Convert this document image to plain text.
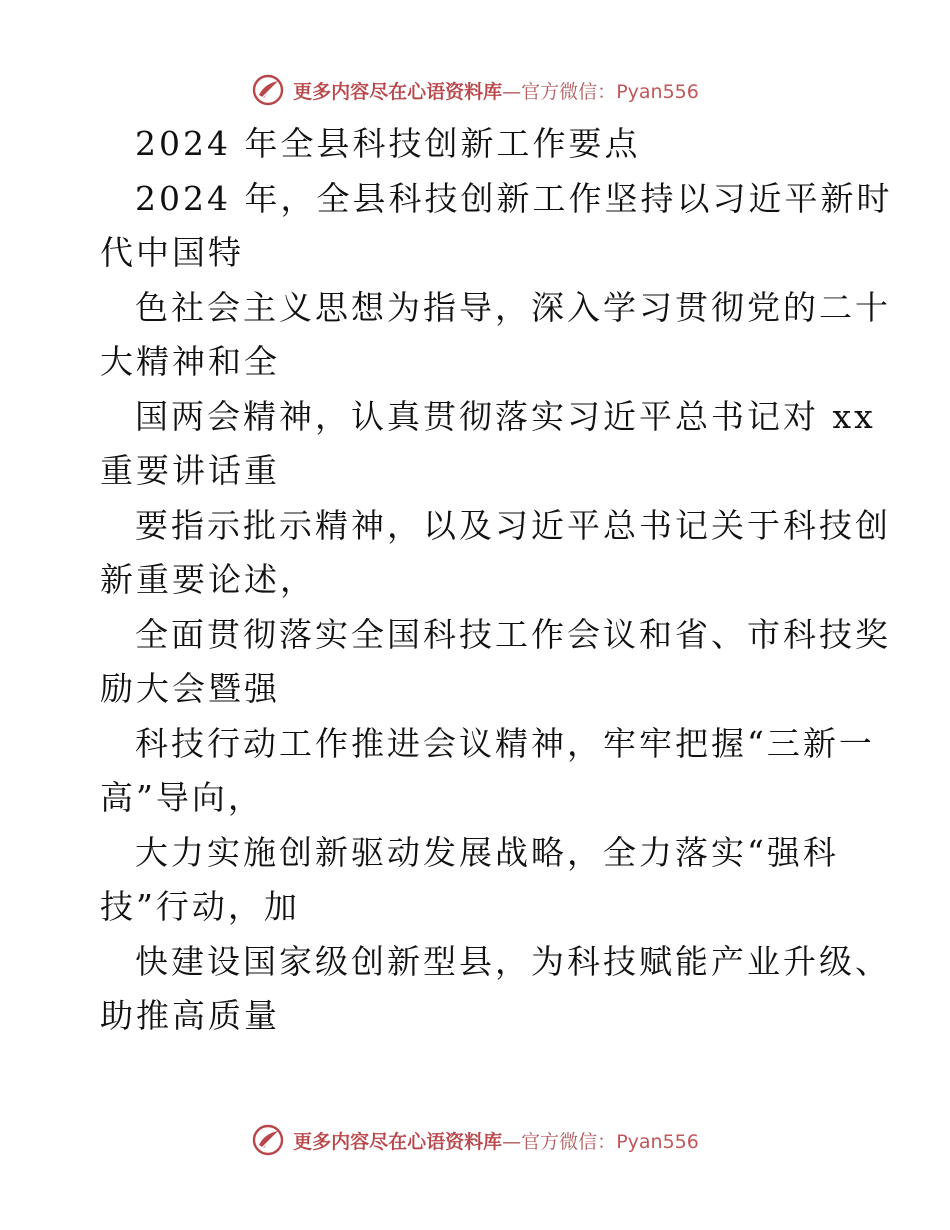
更多内容尽在心语资料库—官方微信：Pyan556
2024 年全县科技创新工作要点
2024 年，全县科技创新工作坚持以习近平新时
代中国特
色社会主义思想为指导，深入学习贯彻党的二十
大精神和全
国两会精神，认真贯彻落实习近平总书记对 xx
重要讲话重
要指示批示精神，以及习近平总书记关于科技创
新重要论述，
全面贯彻落实全国科技工作会议和省、市科技奖
励大会暨强
科技行动工作推进会议精神，牢牢把握“三新一
高”导向，
大力实施创新驱动发展战略，全力落实“强科
技”行动，加
快建设国家级创新型县，为科技赋能产业升级、
助推高质量
更多内容尽在心语资料库—官方微信：Pyan556
